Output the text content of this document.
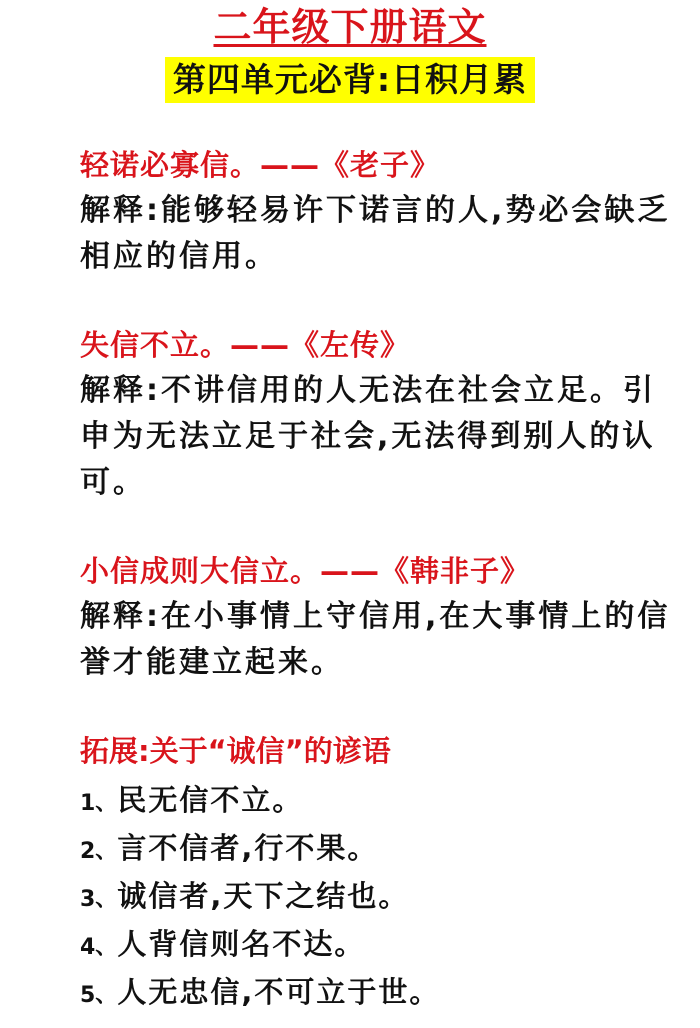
二年级下册语文
第四单元必背:日积月累
轻诺必寡信。——《老子》
解释:能够轻易许下诺言的人,势必会缺乏相应的信用。
失信不立。——《左传》
解释:不讲信用的人无法在社会立足。引申为无法立足于社会,无法得到别人的认可。
小信成则大信立。——《韩非子》
解释:在小事情上守信用,在大事情上的信誉才能建立起来。
拓展:关于“诚信”的谚语
1、民无信不立。
2、言不信者,行不果。
3、诚信者,天下之结也。
4、人背信则名不达。
5、人无忠信,不可立于世。
